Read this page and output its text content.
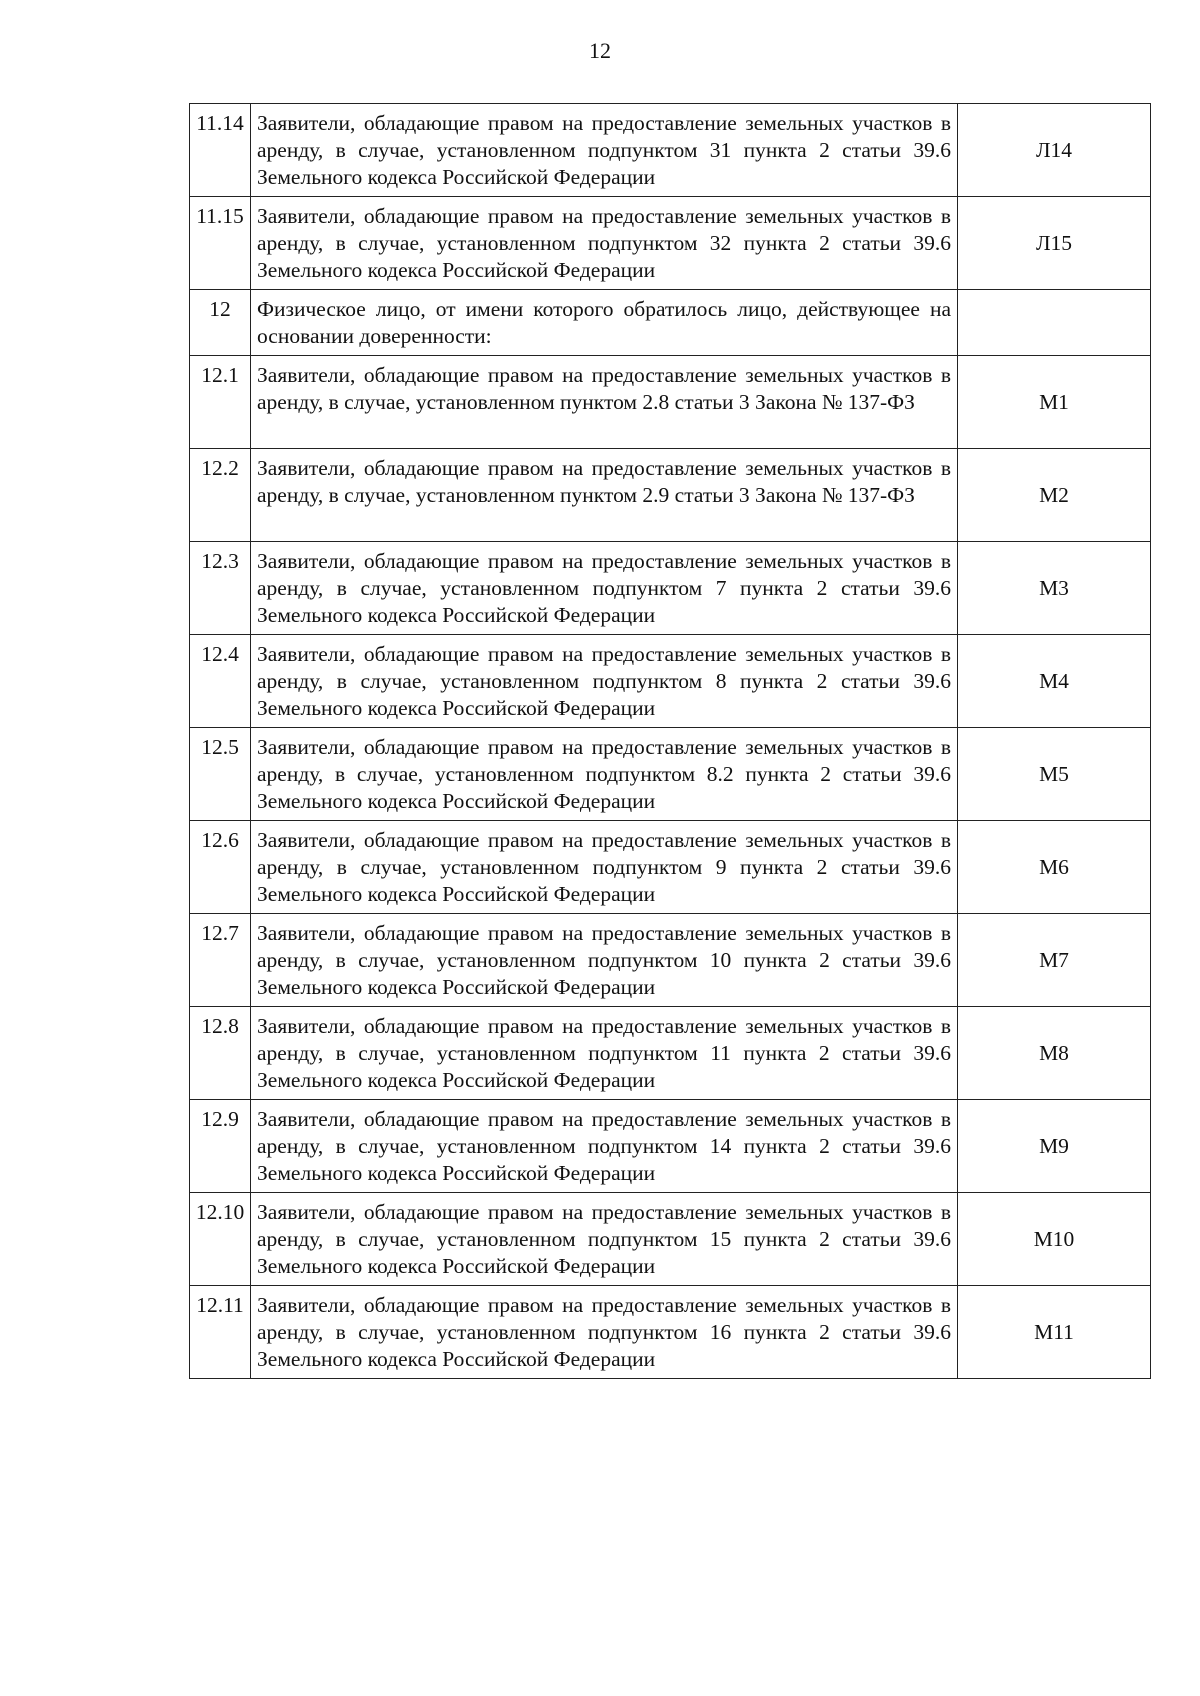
12
11.14	Заявители, обладающие правом на предоставление земельных участков в аренду, в случае, установленном подпунктом 31 пункта 2 статьи 39.6 Земельного кодекса Российской Федерации	Л14
11.15	Заявители, обладающие правом на предоставление земельных участков в аренду, в случае, установленном подпунктом 32 пункта 2 статьи 39.6 Земельного кодекса Российской Федерации	Л15
12	Физическое лицо, от имени которого обратилось лицо, действующее на основании доверенности:	
12.1	Заявители, обладающие правом на предоставление земельных участков в аренду, в случае, установленном пунктом 2.8 статьи 3 Закона № 137-ФЗ	М1
12.2	Заявители, обладающие правом на предоставление земельных участков в аренду, в случае, установленном пунктом 2.9 статьи 3 Закона № 137-ФЗ	М2
12.3	Заявители, обладающие правом на предоставление земельных участков в аренду, в случае, установленном подпунктом 7 пункта 2 статьи 39.6 Земельного кодекса Российской Федерации	М3
12.4	Заявители, обладающие правом на предоставление земельных участков в аренду, в случае, установленном подпунктом 8 пункта 2 статьи 39.6 Земельного кодекса Российской Федерации	М4
12.5	Заявители, обладающие правом на предоставление земельных участков в аренду, в случае, установленном подпунктом 8.2 пункта 2 статьи 39.6 Земельного кодекса Российской Федерации	М5
12.6	Заявители, обладающие правом на предоставление земельных участков в аренду, в случае, установленном подпунктом 9 пункта 2 статьи 39.6 Земельного кодекса Российской Федерации	М6
12.7	Заявители, обладающие правом на предоставление земельных участков в аренду, в случае, установленном подпунктом 10 пункта 2 статьи 39.6 Земельного кодекса Российской Федерации	М7
12.8	Заявители, обладающие правом на предоставление земельных участков в аренду, в случае, установленном подпунктом 11 пункта 2 статьи 39.6 Земельного кодекса Российской Федерации	М8
12.9	Заявители, обладающие правом на предоставление земельных участков в аренду, в случае, установленном подпунктом 14 пункта 2 статьи 39.6 Земельного кодекса Российской Федерации	М9
12.10	Заявители, обладающие правом на предоставление земельных участков в аренду, в случае, установленном подпунктом 15 пункта 2 статьи 39.6 Земельного кодекса Российской Федерации	М10
12.11	Заявители, обладающие правом на предоставление земельных участков в аренду, в случае, установленном подпунктом 16 пункта 2 статьи 39.6 Земельного кодекса Российской Федерации	М11
